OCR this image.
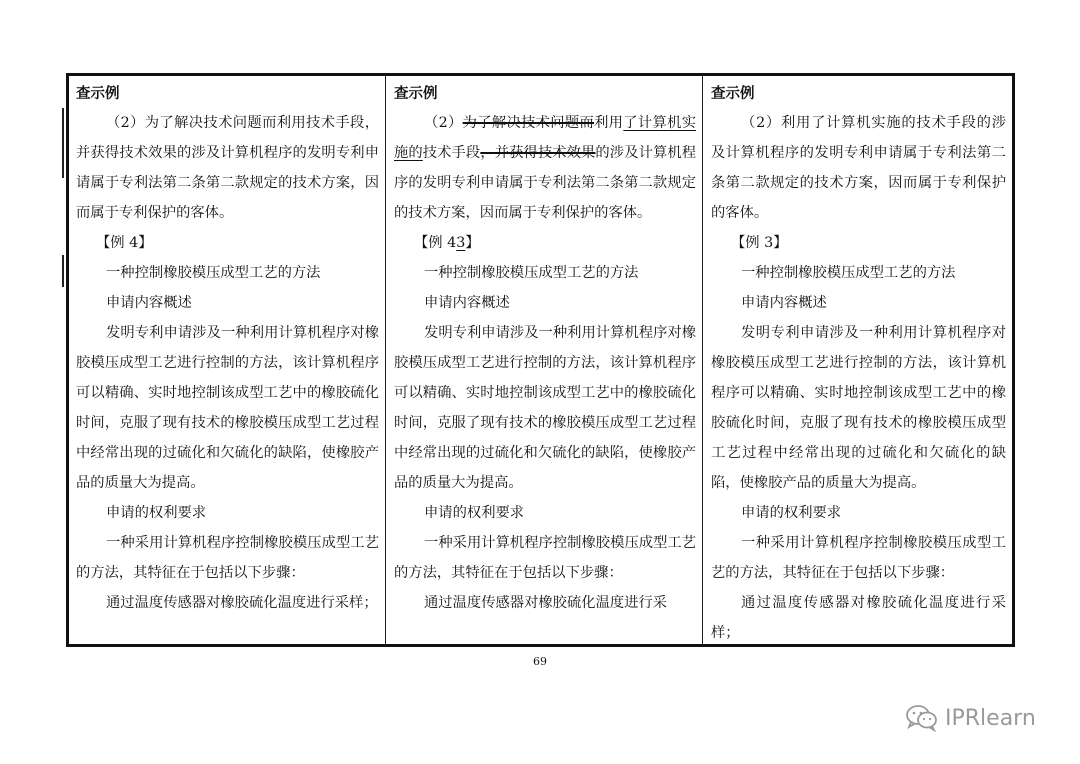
查示例

（2）为了解决技术问题而利用技术手段，并获得技术效果的涉及计算机程序的发明专利申请属于专利法第二条第二款规定的技术方案，因而属于专利保护的客体。

【例 4】

一种控制橡胶模压成型工艺的方法

申请内容概述

发明专利申请涉及一种利用计算机程序对橡胶模压成型工艺进行控制的方法，该计算机程序可以精确、实时地控制该成型工艺中的橡胶硫化时间，克服了现有技术的橡胶模压成型工艺过程中经常出现的过硫化和欠硫化的缺陷，使橡胶产品的质量大为提高。

申请的权利要求

一种采用计算机程序控制橡胶模压成型工艺的方法，其特征在于包括以下步骤：

通过温度传感器对橡胶硫化温度进行采样；

查示例

（2）为了解决技术问题而利用了计算机实施的技术手段，并获得技术效果的涉及计算机程序的发明专利申请属于专利法第二条第二款规定的技术方案，因而属于专利保护的客体。

【例 43】

一种控制橡胶模压成型工艺的方法

申请内容概述

发明专利申请涉及一种利用计算机程序对橡胶模压成型工艺进行控制的方法，该计算机程序可以精确、实时地控制该成型工艺中的橡胶硫化时间，克服了现有技术的橡胶模压成型工艺过程中经常出现的过硫化和欠硫化的缺陷，使橡胶产品的质量大为提高。

申请的权利要求

一种采用计算机程序控制橡胶模压成型工艺的方法，其特征在于包括以下步骤：

通过温度传感器对橡胶硫化温度进行采

查示例

（2）利用了计算机实施的技术手段的涉及计算机程序的发明专利申请属于专利法第二条第二款规定的技术方案，因而属于专利保护的客体。

【例 3】

一种控制橡胶模压成型工艺的方法

申请内容概述

发明专利申请涉及一种利用计算机程序对橡胶模压成型工艺进行控制的方法，该计算机程序可以精确、实时地控制该成型工艺中的橡胶硫化时间，克服了现有技术的橡胶模压成型工艺过程中经常出现的过硫化和欠硫化的缺陷，使橡胶产品的质量大为提高。

申请的权利要求

一种采用计算机程序控制橡胶模压成型工艺的方法，其特征在于包括以下步骤：

通过温度传感器对橡胶硫化温度进行采样；

69
IPRlearn
